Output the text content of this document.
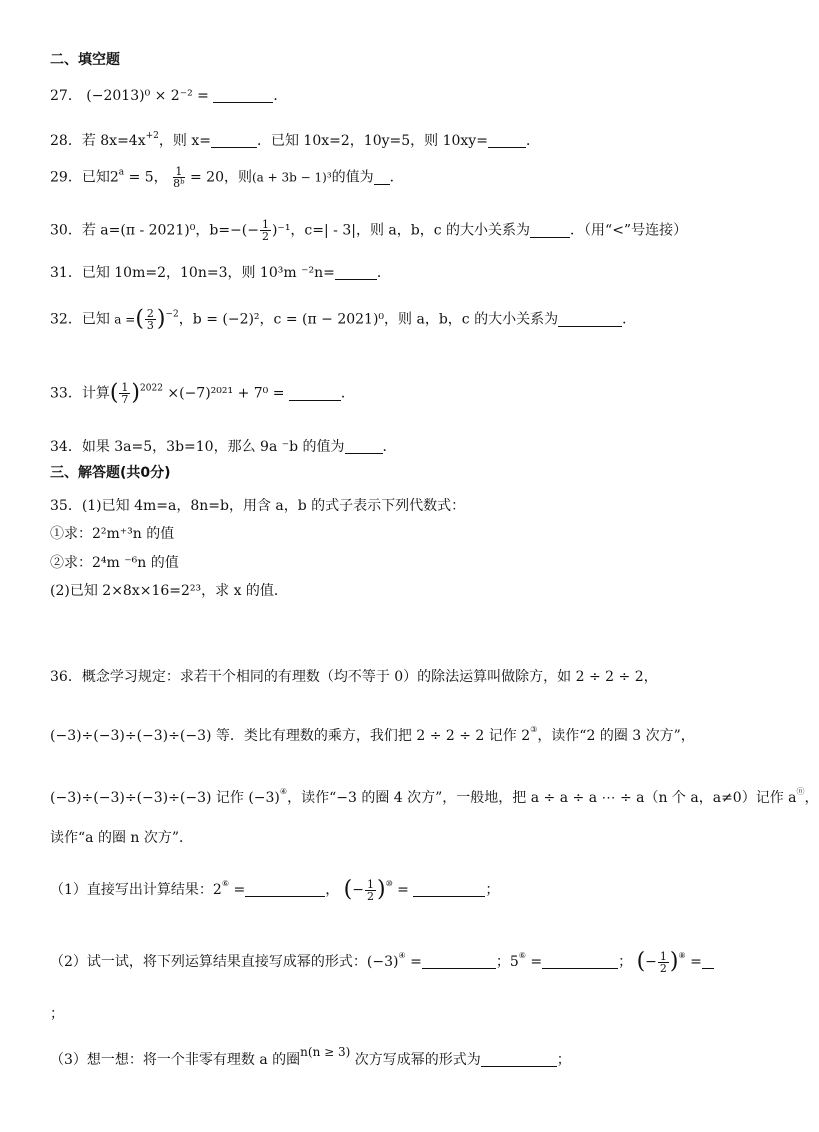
二、填空题
27． (−2013)⁰ × 2⁻² =	．
28．若 $8x=4x^{+2}$，则 x=	．已知 10x=2，10y=5，则 10xy=	．
29．已知$2^a = 5$， $\frac{1}{\text{8ᵇ}} = 20$，则(a + 3b − 1)³的值为 ．
30．若 a=(π - 2021)⁰，$b=-(- \frac{1}{2} )^{-1}$，c=| - 3|，则 a，b，c 的大小关系为	．（用“<”号连接）
31．已知 10m=2，10n=3，则 10³m ⁻²n=	．
32．已知 a =( $\frac{2}{3} )^{-2}$，b = (−2)²，c = (π − 2021)⁰，则 a，b，c 的大小关系为	．
33．计算( $\frac{1}{7} )^{2022} \times(-7)^{2021} + 7^0$ =	．
34．如果 3a=5，3b=10，那么 9a ⁻b 的值为	．
三、解答题(共0分)
35．(1)已知 4m=a，8n=b，用含 a，b 的式子表示下列代数式：
①求：2²m⁺³n 的值
②求：2⁴m ⁻⁶n 的值
(2)已知 2×8x×16=2²³，求 x 的值．
36．概念学习规定：求若干个相同的有理数（均不等于 0）的除法运算叫做除方，如 2 ÷ 2 ÷ 2，
(−3)÷(−3)÷(−3)÷(−3) 等．类比有理数的乘方，我们把 2 ÷ 2 ÷ 2 记作 2③，读作“2 的圈 3 次方”，
(−3)÷(−3)÷(−3)÷(−3) 记作 (−3)④，读作“−3 的圈 4 次方”，一般地，把 a ÷ a ÷ a ⋯ ÷ a（n 个 a，a≠0）记作 aⓝ，
读作“a 的圈 n 次方”．
（1）直接写出计算结果：2⑥ =	， (− $\frac{1}{2} )^⑩$ =	；
（2）试一试，将下列运算结果直接写成幂的形式：(−3)④ =	；5⑥ =	； (− $\frac{1}{2} )^⑧$ =
；
（3）想一想：将一个非零有理数 a 的圈n(n ≥ 3) 次方写成幂的形式为	；
